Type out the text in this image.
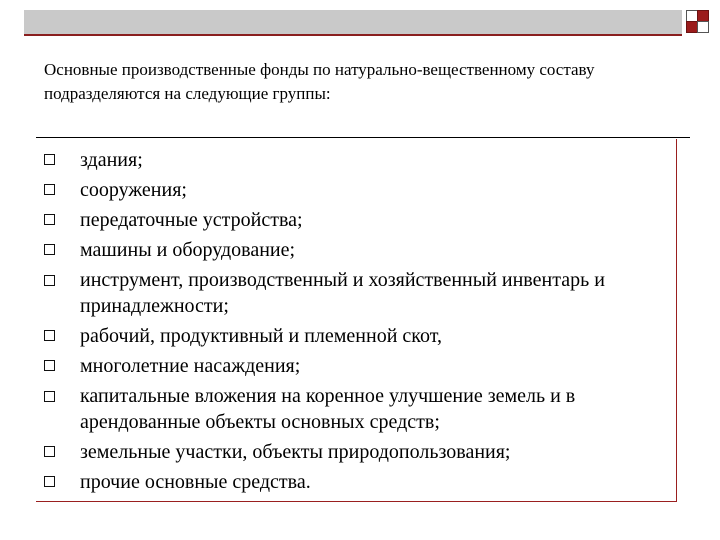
Основные производственные фонды по натурально-вещественному составу подразделяются на следующие группы:

здания;
сооружения;
передаточные устройства;
машины и оборудование;
инструмент, производственный и хозяйственный инвентарь и принадлежности;
рабочий, продуктивный и племенной скот,
многолетние насаждения;
капитальные вложения на коренное улучшение земель и в арендованные объекты основных средств;
земельные участки, объекты природопользования;
прочие основные средства.
